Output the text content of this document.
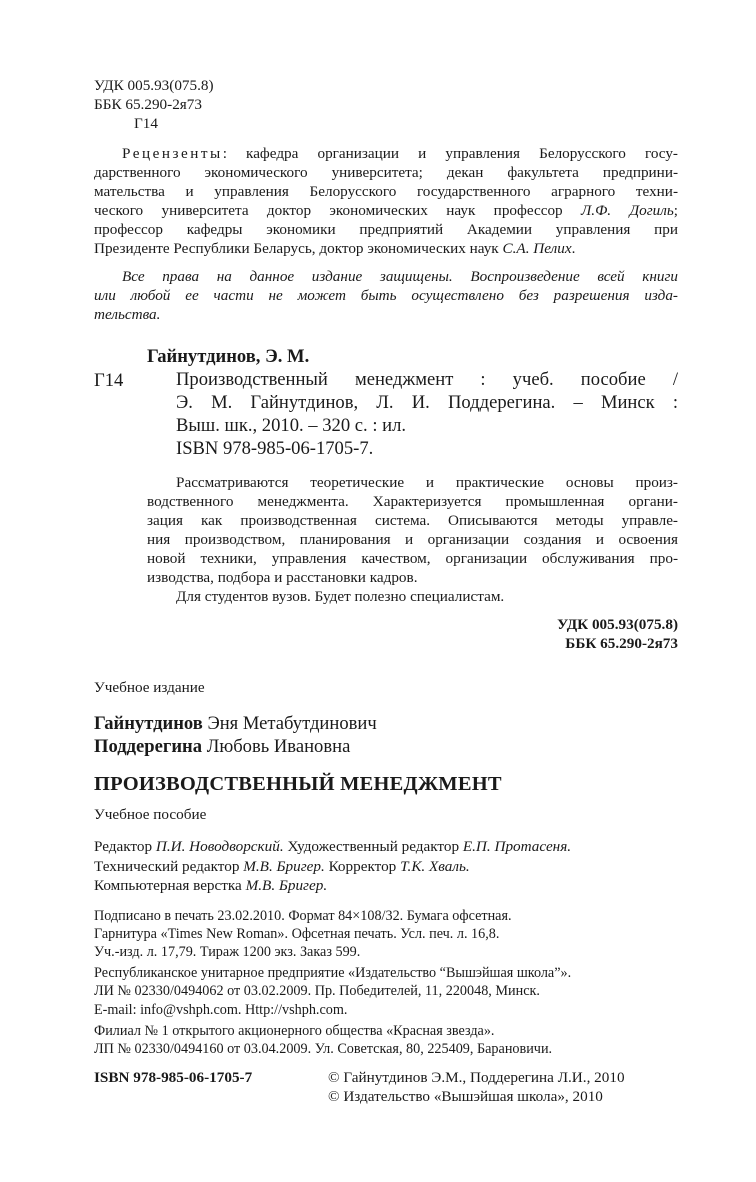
УДК 005.93(075.8)
ББК 65.290-2я73
Г14
Рецензенты: кафедра организации и управления Белорусского госу-
дарственного экономического университета; декан факультета предприни-
мательства и управления Белорусского государственного аграрного техни-
ческого университета доктор экономических наук профессор Л.Ф. Догиль;
профессор кафедры экономики предприятий Академии управления при
Президенте Республики Беларусь, доктор экономических наук С.А. Пелих.
Все права на данное издание защищены. Воспроизведение всей книги
или любой ее части не может быть осуществлено без разрешения изда-
тельства.
Гайнутдинов, Э. М.
Г14	Производственный менеджмент : учеб. пособие /
Э. М. Гайнутдинов, Л. И. Поддерегина. – Минск :
Выш. шк., 2010. – 320 с. : ил.
ISBN 978-985-06-1705-7.
Рассматриваются теоретические и практические основы произ-
водственного менеджмента. Характеризуется промышленная органи-
зация как производственная система. Описываются методы управле-
ния производством, планирования и организации создания и освоения
новой техники, управления качеством, организации обслуживания про-
изводства, подбора и расстановки кадров.
Для студентов вузов. Будет полезно специалистам.
УДК 005.93(075.8)
ББК 65.290-2я73
Учебное издание
Гайнутдинов Эня Метабутдинович
Поддерегина Любовь Ивановна
ПРОИЗВОДСТВЕННЫЙ МЕНЕДЖМЕНТ
Учебное пособие
Редактор П.И. Новодворский. Художественный редактор Е.П. Протасеня.
Технический редактор М.В. Бригер. Корректор Т.К. Хваль.
Компьютерная верстка М.В. Бригер.
Подписано в печать 23.02.2010. Формат 84×108/32. Бумага офсетная.
Гарнитура «Times New Roman». Офсетная печать. Усл. печ. л. 16,8.
Уч.-изд. л. 17,79. Тираж 1200 экз. Заказ 599.
Республиканское унитарное предприятие «Издательство “Вышэйшая школа”».
ЛИ № 02330/0494062 от 03.02.2009. Пр. Победителей, 11, 220048, Минск.
E-mail: info@vshph.com. Http://vshph.com.
Филиал № 1 открытого акционерного общества «Красная звезда».
ЛП № 02330/0494160 от 03.04.2009. Ул. Советская, 80, 225409, Барановичи.
ISBN 978-985-06-1705-7	© Гайнутдинов Э.М., Поддерегина Л.И., 2010
© Издательство «Вышэйшая школа», 2010
